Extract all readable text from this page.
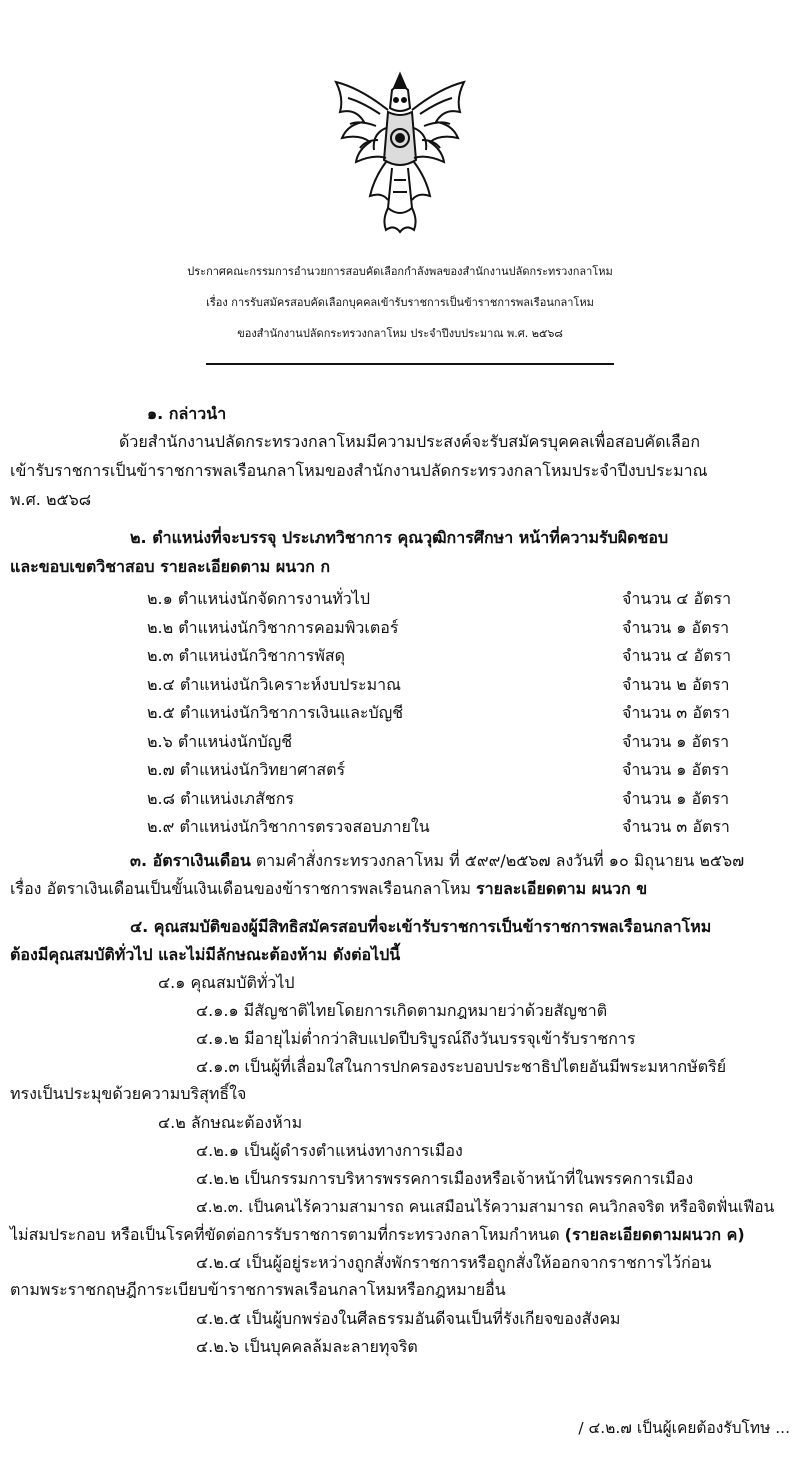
ประกาศคณะกรรมการอำนวยการสอบคัดเลือกกำลังพลของสำนักงานปลัดกระทรวงกลาโหม
เรื่อง การรับสมัครสอบคัดเลือกบุคคลเข้ารับราชการเป็นข้าราชการพลเรือนกลาโหม
ของสำนักงานปลัดกระทรวงกลาโหม ประจำปีงบประมาณ พ.ศ. ๒๕๖๘
๑. กล่าวนำ
ด้วยสำนักงานปลัดกระทรวงกลาโหมมีความประสงค์จะรับสมัครบุคคลเพื่อสอบคัดเลือก
เข้ารับราชการเป็นข้าราชการพลเรือนกลาโหมของสำนักงานปลัดกระทรวงกลาโหมประจำปีงบประมาณ
พ.ศ. ๒๕๖๘
๒. ตำแหน่งที่จะบรรจุ ประเภทวิชาการ คุณวุฒิการศึกษา หน้าที่ความรับผิดชอบ
และขอบเขตวิชาสอบ รายละเอียดตาม ผนวก ก
๒.๑ ตำแหน่งนักจัดการงานทั่วไป	จำนวน ๔ อัตรา
๒.๒ ตำแหน่งนักวิชาการคอมพิวเตอร์	จำนวน ๑ อัตรา
๒.๓ ตำแหน่งนักวิชาการพัสดุ	จำนวน ๔ อัตรา
๒.๔ ตำแหน่งนักวิเคราะห์งบประมาณ	จำนวน ๒ อัตรา
๒.๕ ตำแหน่งนักวิชาการเงินและบัญชี	จำนวน ๓ อัตรา
๒.๖ ตำแหน่งนักบัญชี	จำนวน ๑ อัตรา
๒.๗ ตำแหน่งนักวิทยาศาสตร์	จำนวน ๑ อัตรา
๒.๘ ตำแหน่งเภสัชกร	จำนวน ๑ อัตรา
๒.๙ ตำแหน่งนักวิชาการตรวจสอบภายใน	จำนวน ๓ อัตรา
๓. อัตราเงินเดือน ตามคำสั่งกระทรวงกลาโหม ที่ ๕๙๙/๒๕๖๗ ลงวันที่ ๑๐ มิถุนายน ๒๕๖๗
เรื่อง อัตราเงินเดือนเป็นขั้นเงินเดือนของข้าราชการพลเรือนกลาโหม รายละเอียดตาม ผนวก ข
๔. คุณสมบัติของผู้มีสิทธิสมัครสอบที่จะเข้ารับราชการเป็นข้าราชการพลเรือนกลาโหม
ต้องมีคุณสมบัติทั่วไป และไม่มีลักษณะต้องห้าม ดังต่อไปนี้
๔.๑ คุณสมบัติทั่วไป
๔.๑.๑ มีสัญชาติไทยโดยการเกิดตามกฎหมายว่าด้วยสัญชาติ
๔.๑.๒ มีอายุไม่ต่ำกว่าสิบแปดปีบริบูรณ์ถึงวันบรรจุเข้ารับราชการ
๔.๑.๓ เป็นผู้ที่เลื่อมใสในการปกครองระบอบประชาธิปไตยอันมีพระมหากษัตริย์
ทรงเป็นประมุขด้วยความบริสุทธิ์ใจ
๔.๒ ลักษณะต้องห้าม
๔.๒.๑ เป็นผู้ดำรงตำแหน่งทางการเมือง
๔.๒.๒ เป็นกรรมการบริหารพรรคการเมืองหรือเจ้าหน้าที่ในพรรคการเมือง
๔.๒.๓. เป็นคนไร้ความสามารถ คนเสมือนไร้ความสามารถ คนวิกลจริต หรือจิตฟั่นเฟือน
ไม่สมประกอบ หรือเป็นโรคที่ขัดต่อการรับราชการตามที่กระทรวงกลาโหมกำหนด (รายละเอียดตามผนวก ค)
๔.๒.๔ เป็นผู้อยู่ระหว่างถูกสั่งพักราชการหรือถูกสั่งให้ออกจากราชการไว้ก่อน
ตามพระราชกฤษฎีการะเบียบข้าราชการพลเรือนกลาโหมหรือกฎหมายอื่น
๔.๒.๕ เป็นผู้บกพร่องในศีลธรรมอันดีจนเป็นที่รังเกียจของสังคม
๔.๒.๖ เป็นบุคคลล้มละลายทุจริต
/ ๔.๒.๗ เป็นผู้เคยต้องรับโทษ ...
